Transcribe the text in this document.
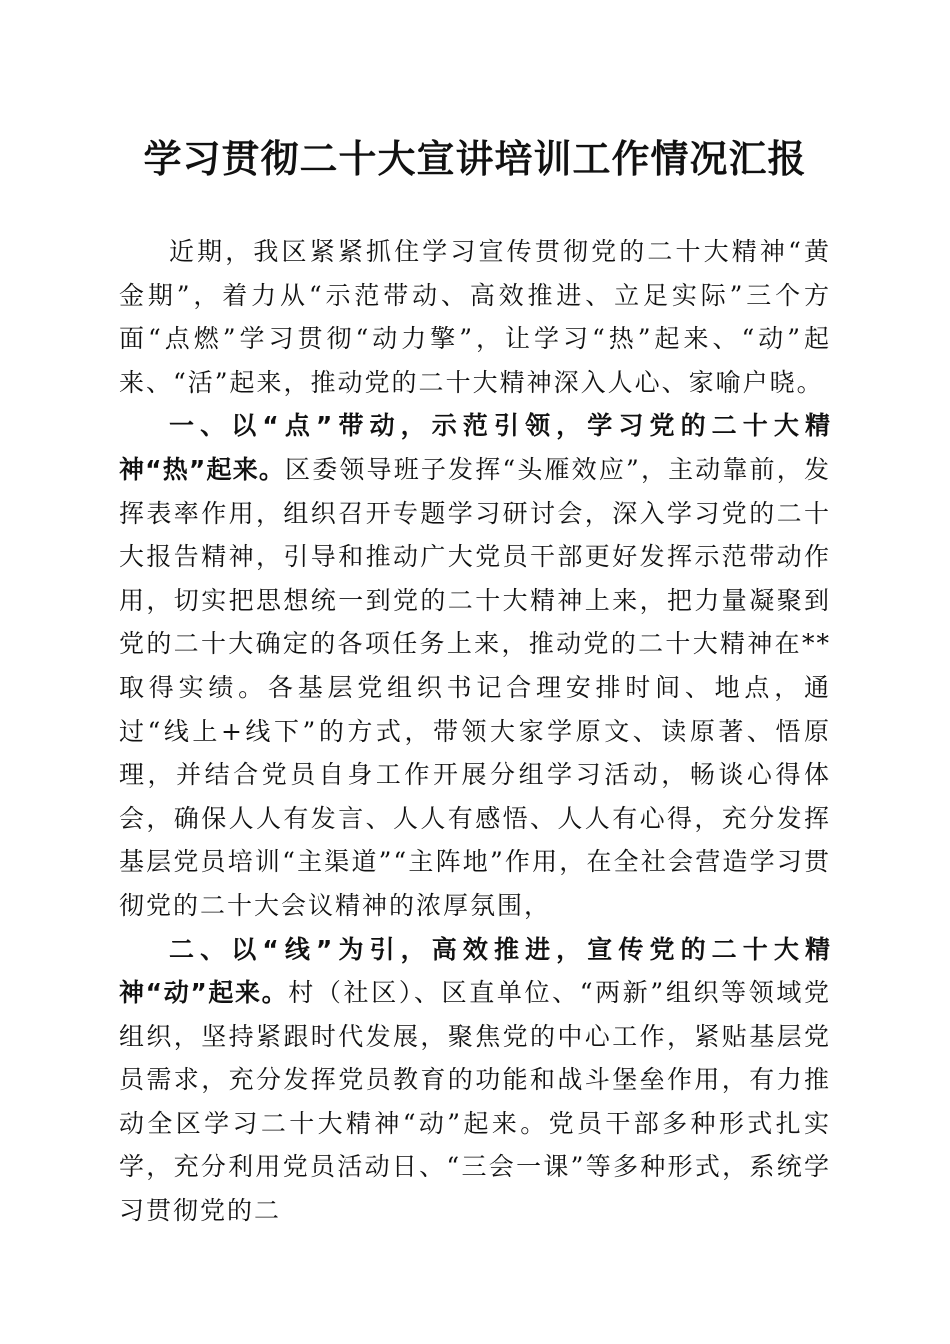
学习贯彻二十大宣讲培训工作情况汇报

近期，我区紧紧抓住学习宣传贯彻党的二十大精神“黄金期”，着力从“示范带动、高效推进、立足实际”三个方面“点燃”学习贯彻“动力擎”，让学习“热”起来、“动”起来、“活”起来，推动党的二十大精神深入人心、家喻户晓。

一、以“点”带动，示范引领，学习党的二十大精神“热”起来。区委领导班子发挥“头雁效应”，主动靠前，发挥表率作用，组织召开专题学习研讨会，深入学习党的二十大报告精神，引导和推动广大党员干部更好发挥示范带动作用，切实把思想统一到党的二十大精神上来，把力量凝聚到党的二十大确定的各项任务上来，推动党的二十大精神在**取得实绩。各基层党组织书记合理安排时间、地点，通过“线上+线下”的方式，带领大家学原文、读原著、悟原理，并结合党员自身工作开展分组学习活动，畅谈心得体会，确保人人有发言、人人有感悟、人人有心得，充分发挥基层党员培训“主渠道”“主阵地”作用，在全社会营造学习贯彻党的二十大会议精神的浓厚氛围，

二、以“线”为引，高效推进，宣传党的二十大精神“动”起来。村（社区）、区直单位、“两新”组织等领域党组织，坚持紧跟时代发展，聚焦党的中心工作，紧贴基层党员需求，充分发挥党员教育的功能和战斗堡垒作用，有力推动全区学习二十大精神“动”起来。党员干部多种形式扎实学，充分利用党员活动日、“三会一课”等多种形式，系统学习贯彻党的二
